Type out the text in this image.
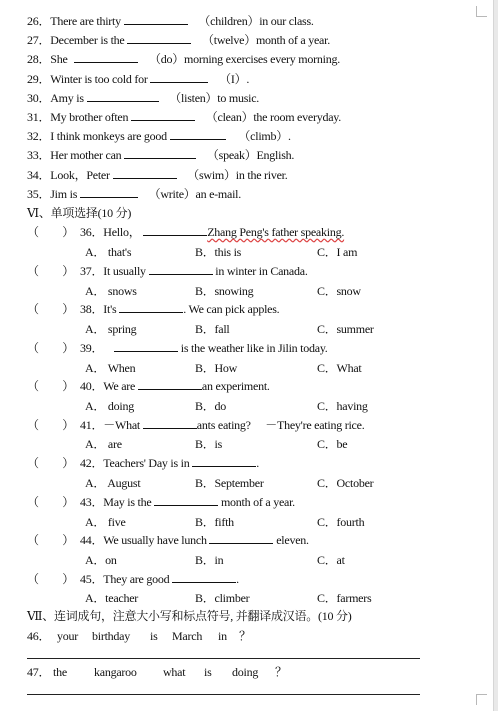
26．There are thirty	（children）in our class.
27．December is the	（twelve）month of a year.
28．She	（do）morning exercises every morning.
29．Winter is too cold for	（I）.
30．Amy is	（listen）to music.
31．My brother often	（clean）the room everyday.
32．I think monkeys are good	（climb）.
33．Her mother can	（speak）English.
34．Look，Peter	（swim）in the river.
35．Jim is	（write）an e-mail.
Ⅵ、单项选择(10 分)
（　　） 36．Hello，	Zhang Peng's father speaking.
A． that's	B．this is	C．I am
（　　） 37．It usually	in winter in Canada.
A． snows	B．snowing	C．snow
（　　） 38．It's	. We can pick apples.
A． spring	B．fall	C．summer
（　　） 39．	is the weather like in Jilin today.
A． When	B．How	C．What
（　　） 40．We are	an experiment.
A． doing	B．do	C．having
（　　） 41．－What	ants eating?　 －They're eating rice.
A． are	B．is	C．be
（　　） 42．Teachers' Day is in	.
A． August	B．September	C．October
（　　） 43．May is the	month of a year.
A． five	B．fifth	C．fourth
（　　） 44．We usually have lunch	eleven.
A．on	B．in	C．at
（　　） 45．They are good	.
A．teacher	B．climber	C．farmers
Ⅶ、连词成句，注意大小写和标点符号, 并翻译成汉语。(10 分)
46． your birthday is March in ？
47． the kangaroo what is doing ？
